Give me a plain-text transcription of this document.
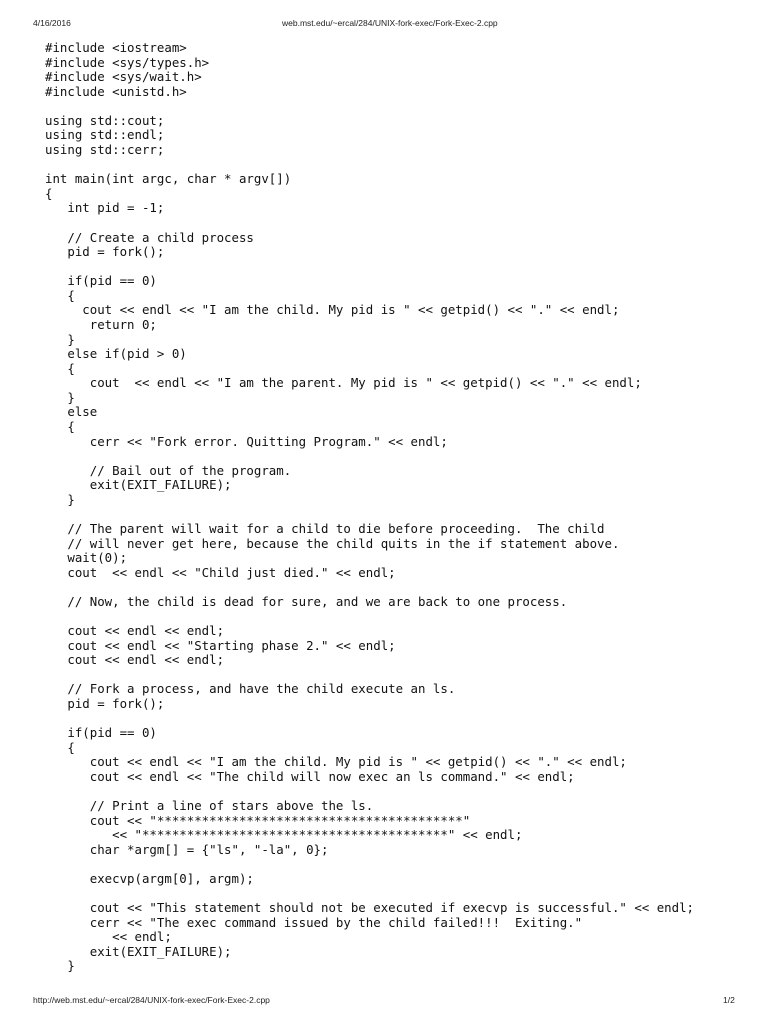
4/16/2016	web.mst.edu/~ercal/284/UNIX-fork-exec/Fork-Exec-2.cpp
#include <iostream>
#include <sys/types.h>
#include <sys/wait.h>
#include <unistd.h>
using std::cout;
using std::endl;
using std::cerr;
int main(int argc, char * argv[])
{
int pid = -1;
// Create a child process
pid = fork();
if(pid == 0)
{
cout << endl << "I am the child. My pid is " << getpid() << "." << endl;
return 0;
}
else if(pid > 0)
{
cout  << endl << "I am the parent. My pid is " << getpid() << "." << endl;
}
else
{
cerr << "Fork error. Quitting Program." << endl;
// Bail out of the program.
exit(EXIT_FAILURE);
}
// The parent will wait for a child to die before proceeding.  The child
// will never get here, because the child quits in the if statement above.
wait(0);
cout  << endl << "Child just died." << endl;
// Now, the child is dead for sure, and we are back to one process.
cout << endl << endl;
cout << endl << "Starting phase 2." << endl;
cout << endl << endl;
// Fork a process, and have the child execute an ls.
pid = fork();
if(pid == 0)
{
cout << endl << "I am the child. My pid is " << getpid() << "." << endl;
cout << endl << "The child will now exec an ls command." << endl;
// Print a line of stars above the ls.
cout << "*****************************************"
<< "*****************************************" << endl;
char *argm[] = {"ls", "-la", 0};
execvp(argm[0], argm);
cout << "This statement should not be executed if execvp is successful." << endl;
cerr << "The exec command issued by the child failed!!!  Exiting."
<< endl;
exit(EXIT_FAILURE);
}
http://web.mst.edu/~ercal/284/UNIX-fork-exec/Fork-Exec-2.cpp	1/2
